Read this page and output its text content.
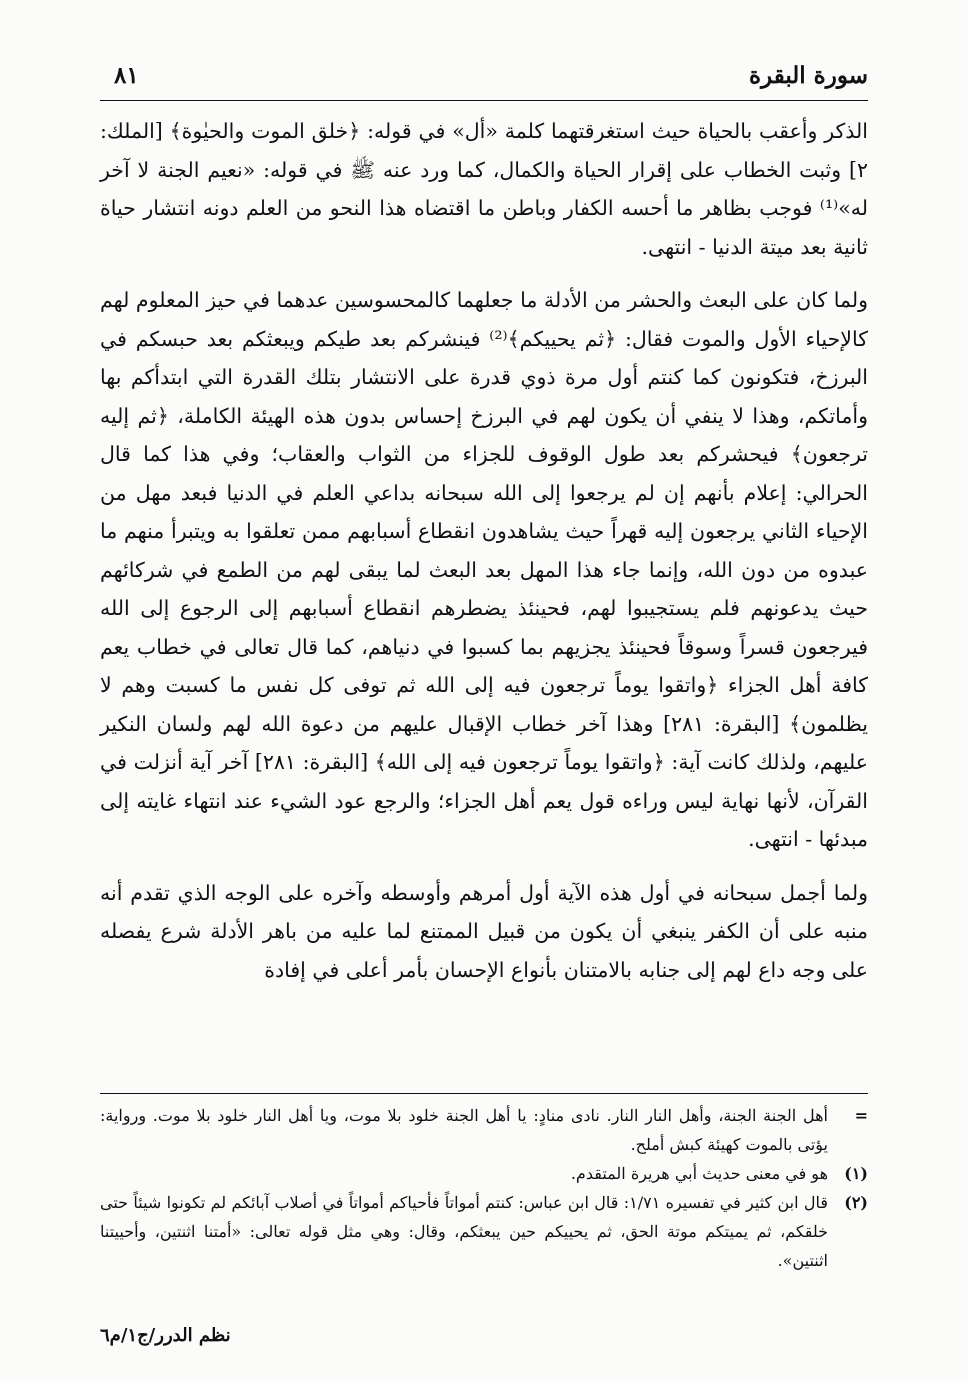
سورة البقرة
٨١

الذكر وأعقب بالحياة حيث استغرقتهما كلمة «أل» في قوله: ﴿خلق الموت والحيٰوة﴾ [الملك: ٢] وثبت الخطاب على إقرار الحياة والكمال، كما ورد عنه ﷺ في قوله: «نعيم الجنة لا آخر له»⁽¹⁾ فوجب بظاهر ما أحسه الكفار وباطن ما اقتضاه هذا النحو من العلم دونه انتشار حياة ثانية بعد ميتة الدنيا - انتهى.

ولما كان على البعث والحشر من الأدلة ما جعلهما كالمحسوسين عدهما في حيز المعلوم لهم كالإحياء الأول والموت فقال: ﴿ثم يحييكم﴾⁽²⁾ فينشركم بعد طيكم ويبعثكم بعد حبسكم في البرزخ، فتكونون كما كنتم أول مرة ذوي قدرة على الانتشار بتلك القدرة التي ابتدأكم بها وأماتكم، وهذا لا ينفي أن يكون لهم في البرزخ إحساس بدون هذه الهيئة الكاملة، ﴿ثم إليه ترجعون﴾ فيحشركم بعد طول الوقوف للجزاء من الثواب والعقاب؛ وفي هذا كما قال الحرالي: إعلام بأنهم إن لم يرجعوا إلى الله سبحانه بداعي العلم في الدنيا فبعد مهل من الإحياء الثاني يرجعون إليه قهراً حيث يشاهدون انقطاع أسبابهم ممن تعلقوا به ويتبرأ منهم ما عبدوه من دون الله، وإنما جاء هذا المهل بعد البعث لما يبقى لهم من الطمع في شركائهم حيث يدعونهم فلم يستجيبوا لهم، فحينئذ يضطرهم انقطاع أسبابهم إلى الرجوع إلى الله فيرجعون قسراً وسوقاً فحينئذ يجزيهم بما كسبوا في دنياهم، كما قال تعالى في خطاب يعم كافة أهل الجزاء ﴿واتقوا يوماً ترجعون فيه إلى الله ثم توفى كل نفس ما كسبت وهم لا يظلمون﴾ [البقرة: ٢٨١] وهذا آخر خطاب الإقبال عليهم من دعوة الله لهم ولسان النكير عليهم، ولذلك كانت آية: ﴿واتقوا يوماً ترجعون فيه إلى الله﴾ [البقرة: ٢٨١] آخر آية أنزلت في القرآن، لأنها نهاية ليس وراءه قول يعم أهل الجزاء؛ والرجع عود الشيء عند انتهاء غايته إلى مبدئها - انتهى.

ولما أجمل سبحانه في أول هذه الآية أول أمرهم وأوسطه وآخره على الوجه الذي تقدم أنه منبه على أن الكفر ينبغي أن يكون من قبيل الممتنع لما عليه من باهر الأدلة شرع يفصله على وجه داع لهم إلى جنابه بالامتنان بأنواع الإحسان بأمر أعلى في إفادة

=
أهل الجنة الجنة، وأهل النار النار. نادى منادٍ: يا أهل الجنة خلود بلا موت، ويا أهل النار خلود بلا موت. ورواية: يؤتى بالموت كهيئة كبش أملح.
(١)
هو في معنى حديث أبي هريرة المتقدم.
(٢)
قال ابن كثير في تفسيره ١/٧١: قال ابن عباس: كنتم أمواتاً فأحياكم أمواتاً في أصلاب آبائكم لم تكونوا شيئاً حتى خلقكم، ثم يميتكم موتة الحق، ثم يحييكم حين يبعثكم، وقال: وهي مثل قوله تعالى: «أمتنا اثنتين، وأحييتنا اثنتين».
نظم الدرر/ج١/م٦
